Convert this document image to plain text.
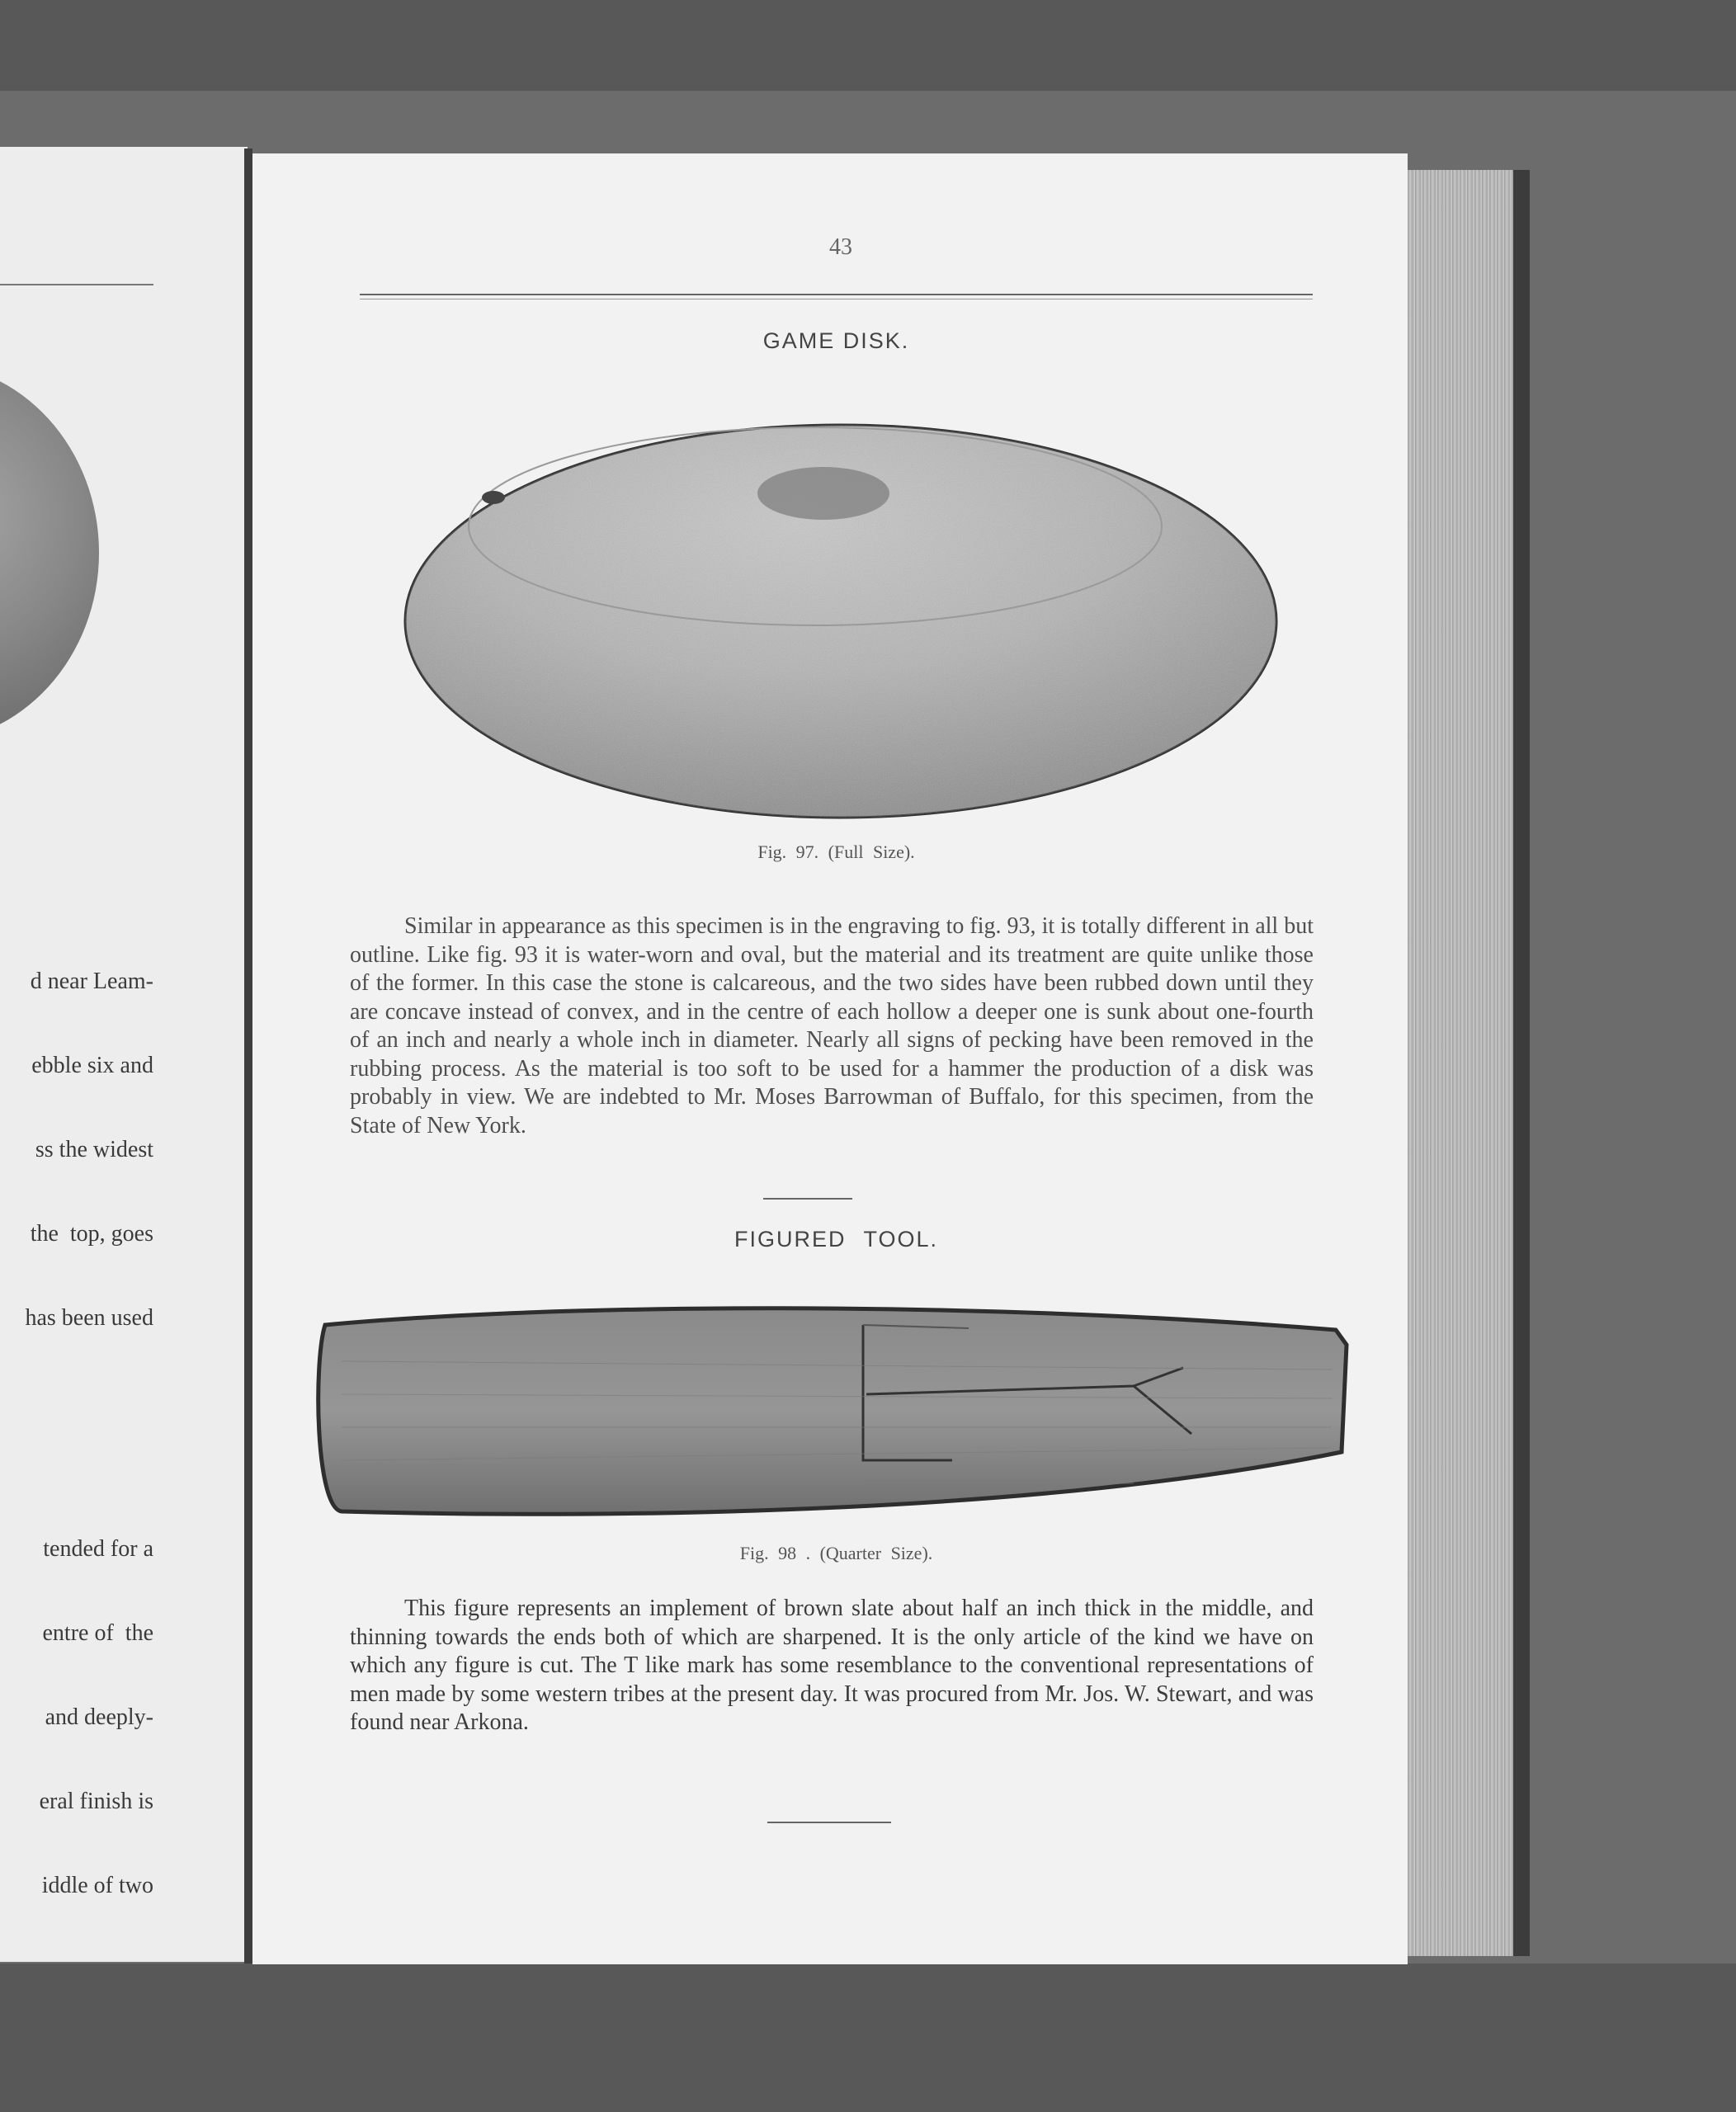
d near Leam-

ebble six and

ss the widest

the  top, goes

has been used

tended for a

entre of  the

and deeply-

eral finish is

iddle of two

43
GAME DISK.
Fig. 97. (Full Size).

Similar in appearance as this specimen is in the engraving to fig. 93, it is totally different in all but outline. Like fig. 93 it is water-worn and oval, but the material and its treatment are quite unlike those of the former. In this case the stone is calcareous, and the two sides have been rubbed down until they are concave instead of convex, and in the centre of each hollow a deeper one is sunk about one-fourth of an inch and nearly a whole inch in diameter. Nearly all signs of pecking have been removed in the rubbing process. As the material is too soft to be used for a hammer the production of a disk was probably in view. We are indebted to Mr. Moses Barrowman of Buffalo, for this specimen, from the State of New York.

FIGURED TOOL.
Fig. 98 . (Quarter Size).

This figure represents an implement of brown slate about half an inch thick in the middle, and thinning towards the ends both of which are sharpened. It is the only article of the kind we have on which any figure is cut. The T like mark has some resemblance to the conventional representations of men made by some western tribes at the present day. It was procured from Mr. Jos. W. Stewart, and was found near Arkona.
